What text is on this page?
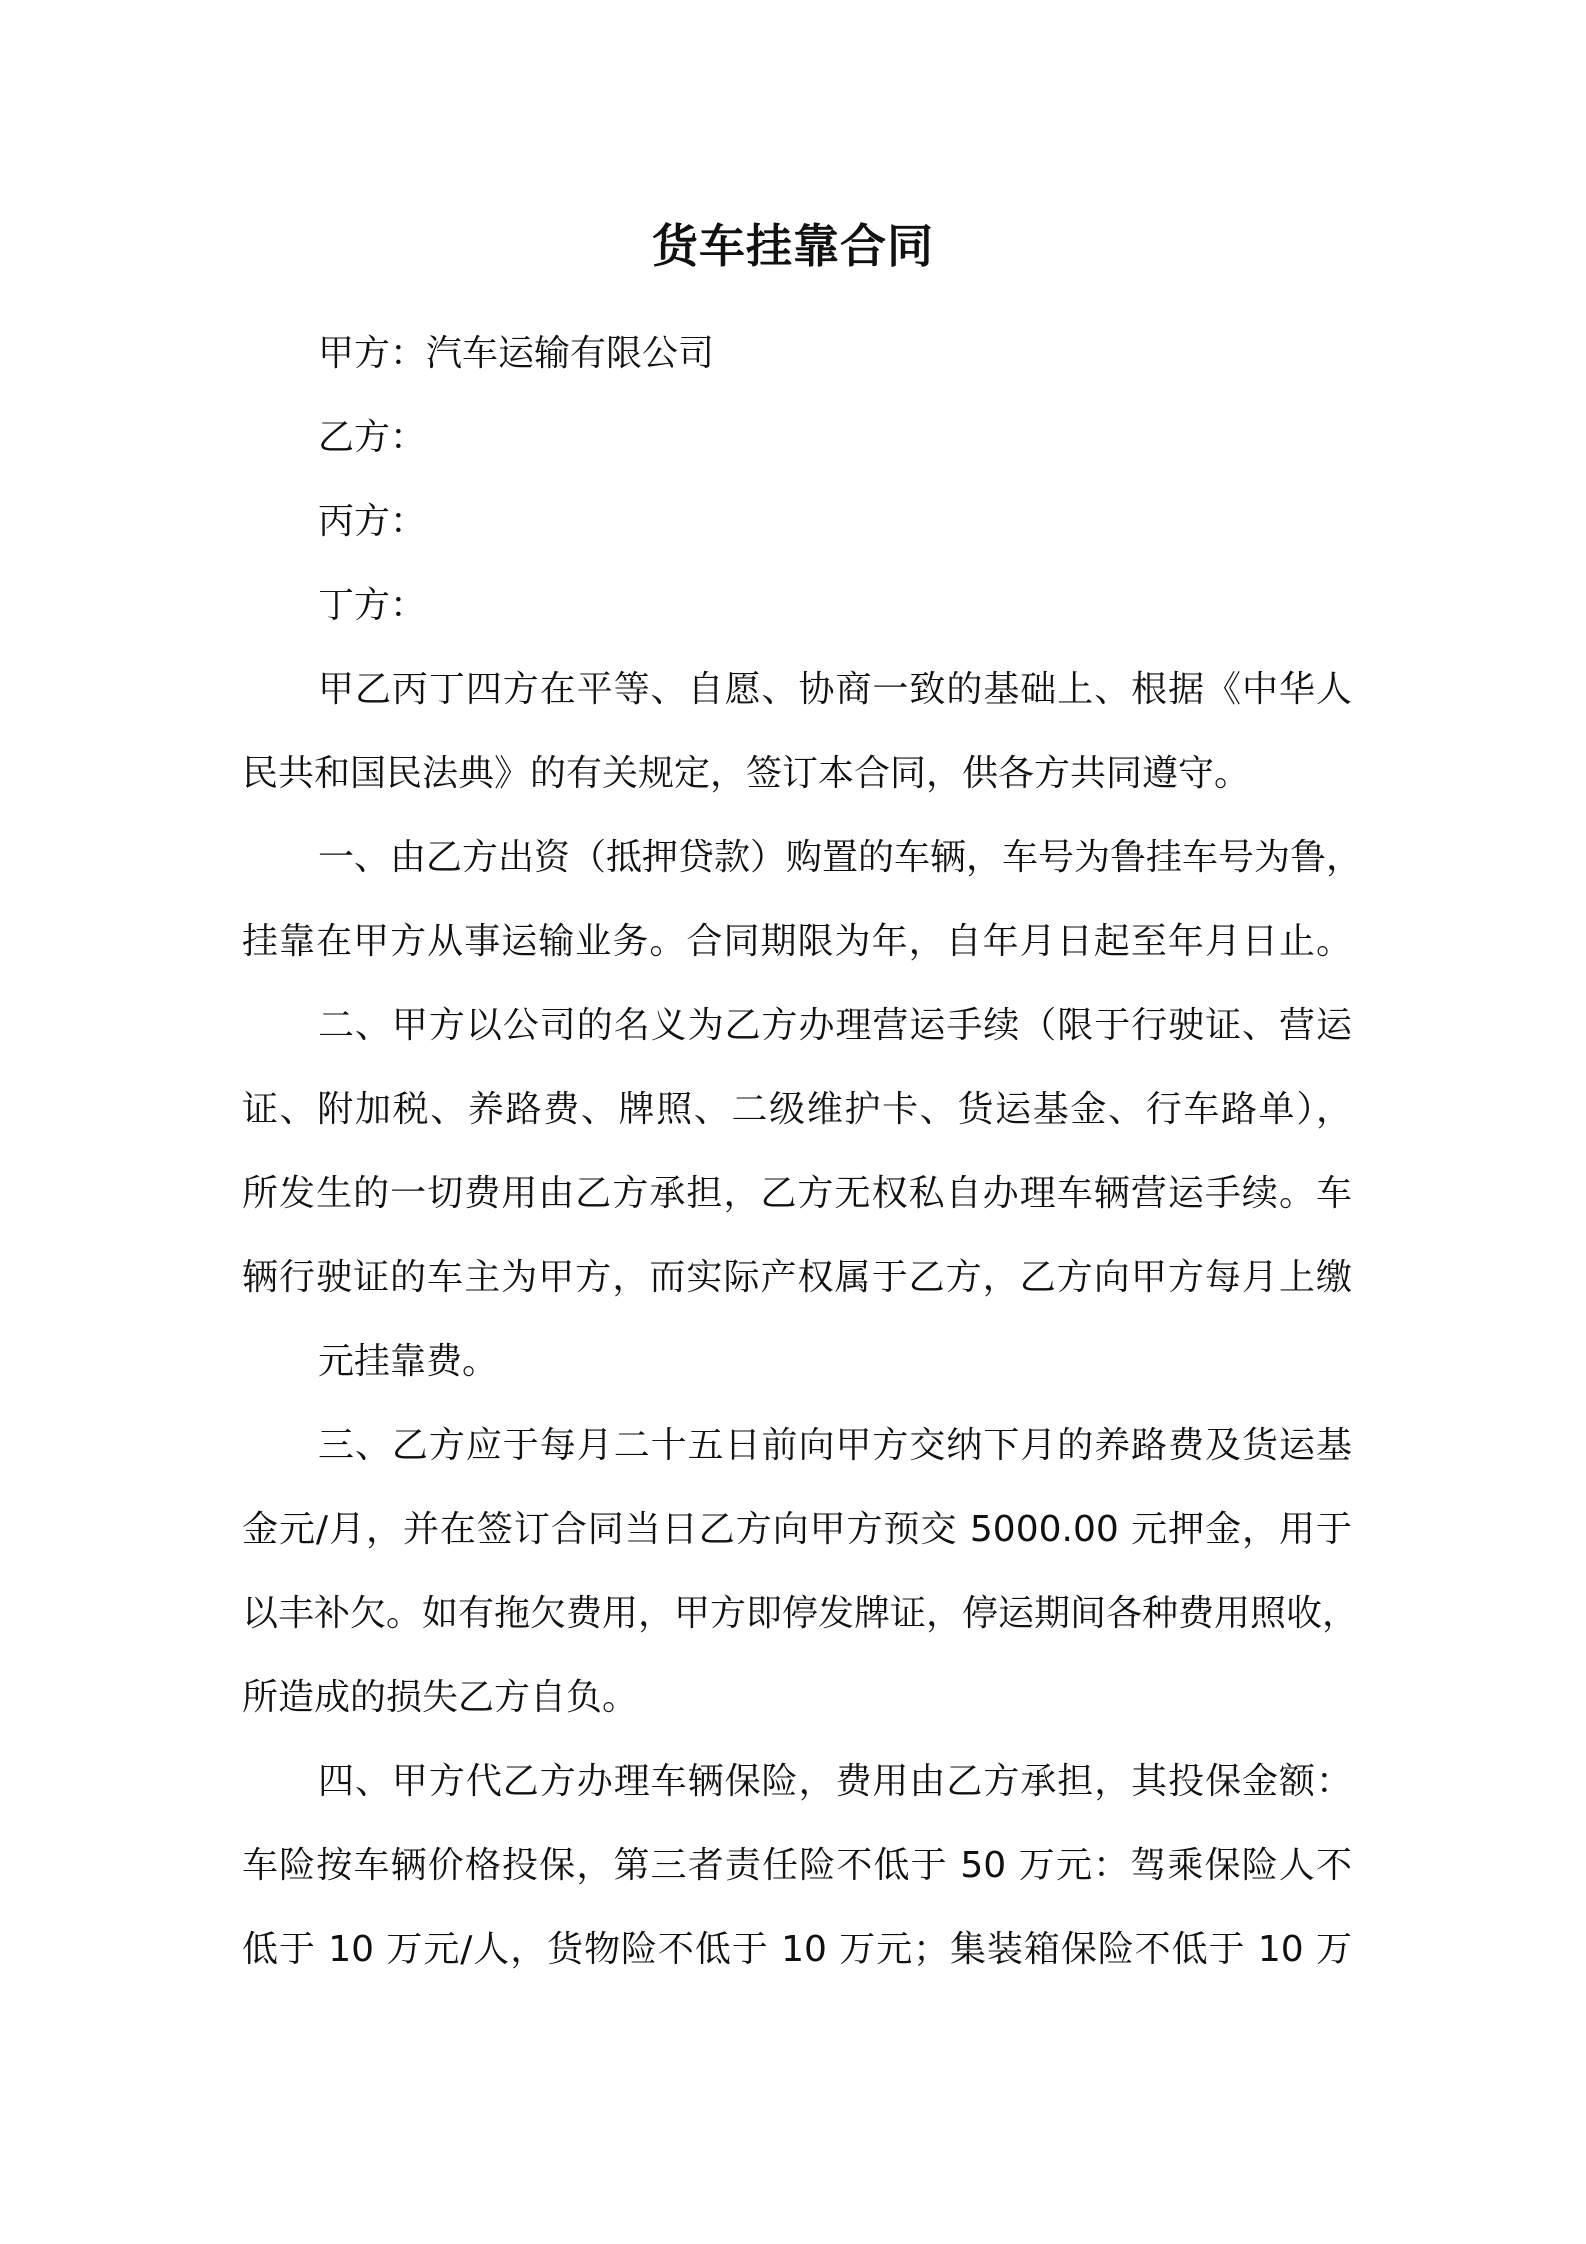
货车挂靠合同

甲方：汽车运输有限公司

乙方：

丙方：

丁方：

甲乙丙丁四方在平等、自愿、协商一致的基础上、根据《中华人

民共和国民法典》的有关规定，签订本合同，供各方共同遵守。

一、由乙方出资（抵押贷款）购置的车辆，车号为鲁挂车号为鲁，

挂靠在甲方从事运输业务。合同期限为年，自年月日起至年月日止。

二、甲方以公司的名义为乙方办理营运手续（限于行驶证、营运

证、附加税、养路费、牌照、二级维护卡、货运基金、行车路单），

所发生的一切费用由乙方承担，乙方无权私自办理车辆营运手续。车

辆行驶证的车主为甲方，而实际产权属于乙方，乙方向甲方每月上缴

元挂靠费。

三、乙方应于每月二十五日前向甲方交纳下月的养路费及货运基

金元/月，并在签订合同当日乙方向甲方预交 5000.00 元押金，用于

以丰补欠。如有拖欠费用，甲方即停发牌证，停运期间各种费用照收，

所造成的损失乙方自负。

四、甲方代乙方办理车辆保险，费用由乙方承担，其投保金额：

车险按车辆价格投保，第三者责任险不低于 50 万元：驾乘保险人不

低于 10 万元/人，货物险不低于 10 万元；集装箱保险不低于 10 万
